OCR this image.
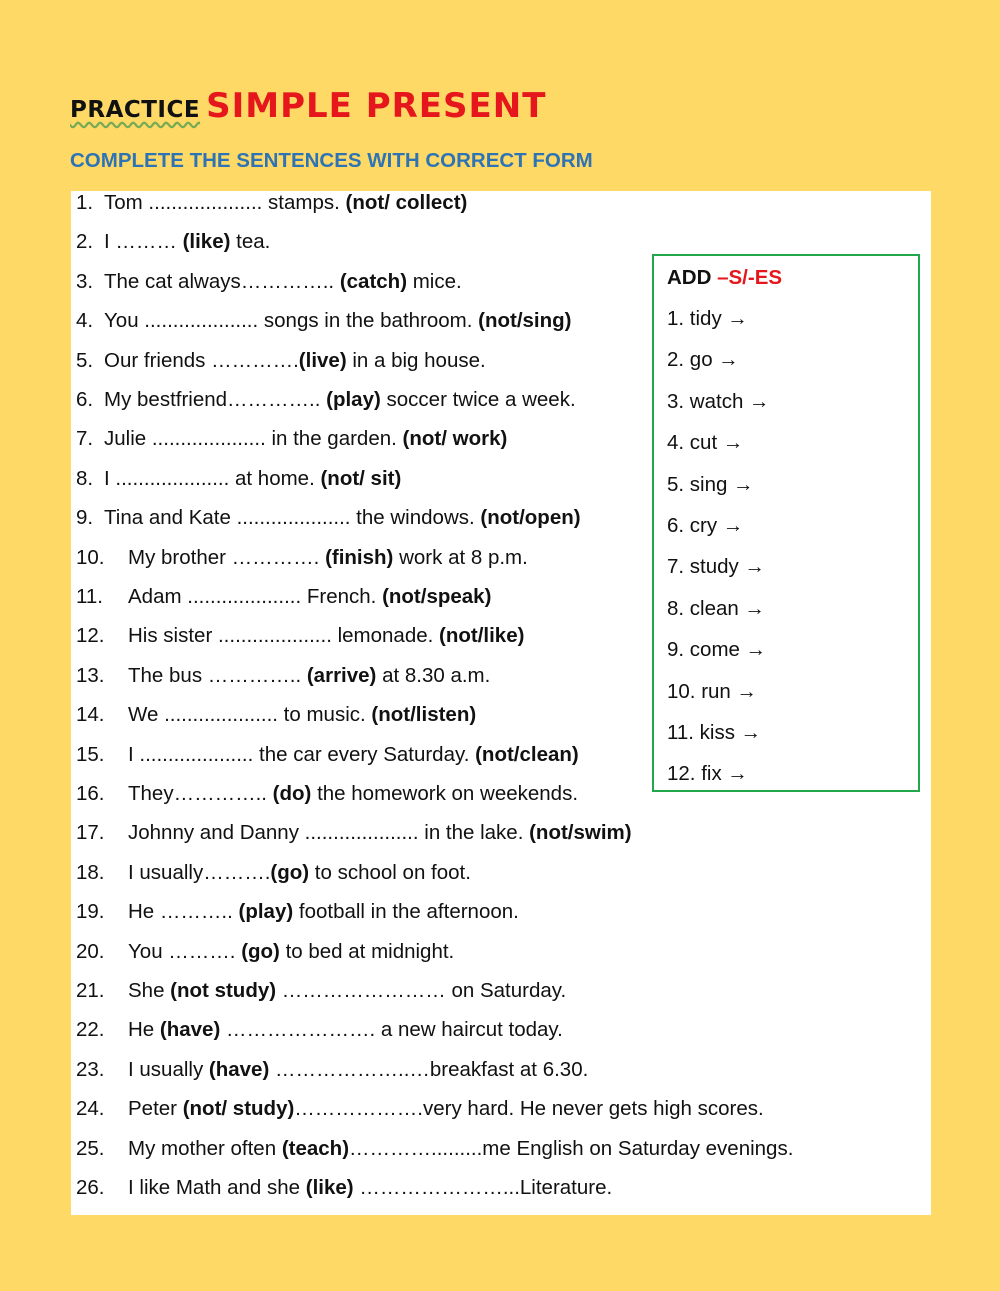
PRACTICE SIMPLE PRESENT
COMPLETE THE SENTENCES WITH CORRECT FORM
1. Tom .................... stamps. (not/ collect)
2. I ……… (like) tea.
3. The cat always………….. (catch) mice.
4. You .................... songs in the bathroom. (not/sing)
5. Our friends ………….(live) in a big house.
6. My bestfriend………….. (play) soccer twice a week.
7. Julie .................... in the garden. (not/ work)
8. I .................... at home. (not/ sit)
9. Tina and Kate .................... the windows. (not/open)
10. My brother …………. (finish) work at 8 p.m.
11. Adam .................... French. (not/speak)
12. His sister .................... lemonade. (not/like)
13. The bus ………….. (arrive) at 8.30 a.m.
14. We .................... to music. (not/listen)
15. I .................... the car every Saturday. (not/clean)
16. They………….. (do) the homework on weekends.
17. Johnny and Danny .................... in the lake. (not/swim)
18. I usually……….(go) to school on foot.
19. He ……….. (play) football in the afternoon.
20. You ………. (go) to bed at midnight.
21. She (not study) …………………… on Saturday.
22. He (have) …………………. a new haircut today.
23. I usually (have) ………………..…breakfast at 6.30.
24. Peter (not/ study)……………….very hard. He never gets high scores.
25. My mother often (teach)………….........me English on Saturday evenings.
26. I like Math and she (like) …………………...Literature.
ADD –S/-ES
1. tidy →
2. go →
3. watch →
4. cut →
5. sing →
6. cry →
7. study →
8. clean →
9. come →
10. run →
11. kiss →
12. fix →
